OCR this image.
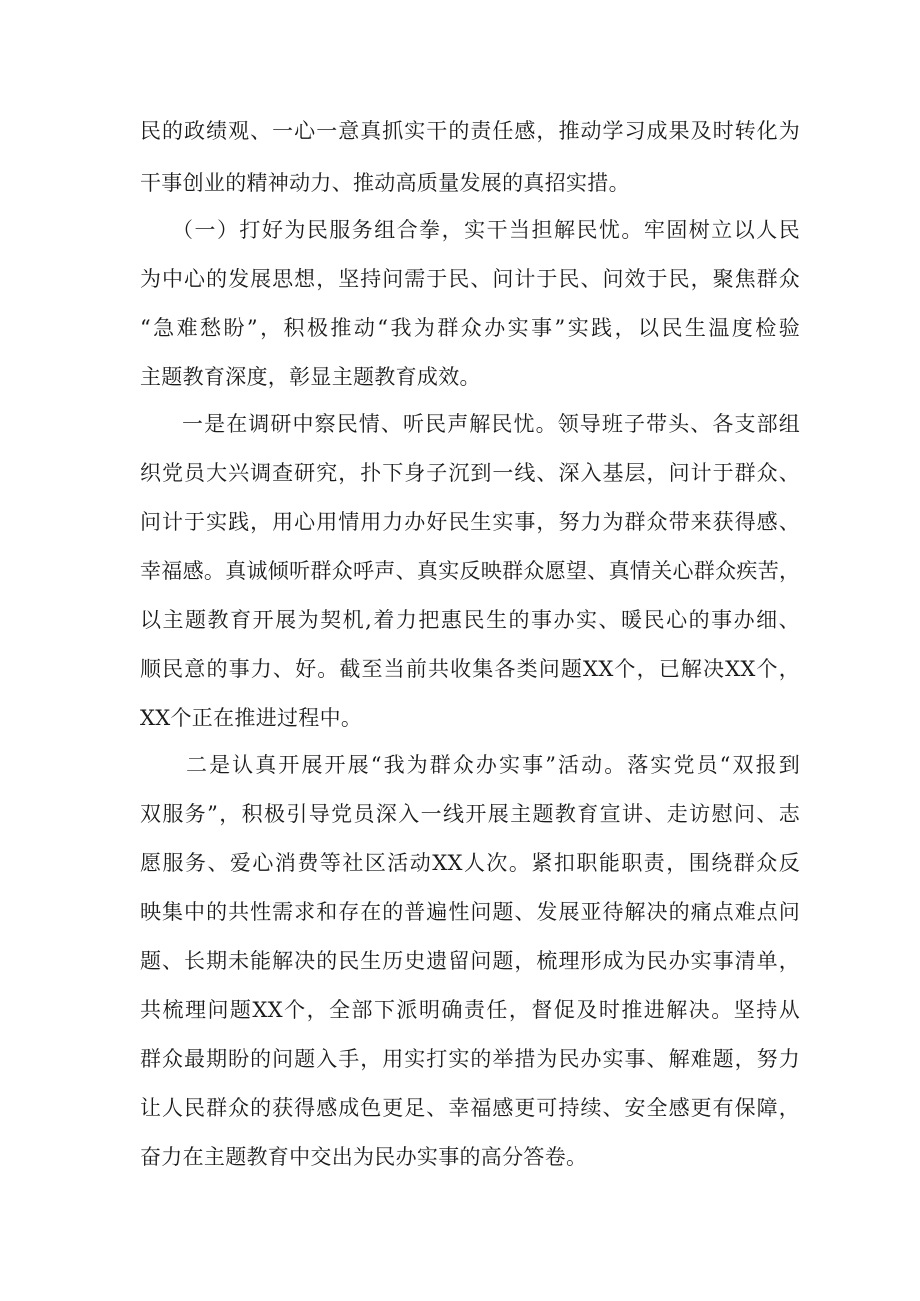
民的政绩观、一心一意真抓实干的责任感，推动学习成果及时转化为
干事创业的精神动力、推动高质量发展的真招实措。
（一）打好为民服务组合拳，实干当担解民忧。牢固树立以人民
为中心的发展思想，坚持问需于民、问计于民、问效于民，聚焦群众
“急难愁盼”，积极推动“我为群众办实事”实践，以民生温度检验
主题教育深度，彰显主题教育成效。
一是在调研中察民情、听民声解民忧。领导班子带头、各支部组
织党员大兴调查研究，扑下身子沉到一线、深入基层，问计于群众、
问计于实践，用心用情用力办好民生实事，努力为群众带来获得感、
幸福感。真诚倾听群众呼声、真实反映群众愿望、真情关心群众疾苦，
以主题教育开展为契机,着力把惠民生的事办实、暖民心的事办细、
顺民意的事力、好。截至当前共收集各类问题XX个，已解决XX个，
XX个正在推进过程中。
二是认真开展开展“我为群众办实事”活动。落实党员“双报到
双服务”，积极引导党员深入一线开展主题教育宣讲、走访慰问、志
愿服务、爱心消费等社区活动XX人次。紧扣职能职责，围绕群众反
映集中的共性需求和存在的普遍性问题、发展亚待解决的痛点难点问
题、长期未能解决的民生历史遗留问题，梳理形成为民办实事清单，
共梳理问题XX个，全部下派明确责任，督促及时推进解决。坚持从
群众最期盼的问题入手，用实打实的举措为民办实事、解难题，努力
让人民群众的获得感成色更足、幸福感更可持续、安全感更有保障，
奋力在主题教育中交出为民办实事的高分答卷。
